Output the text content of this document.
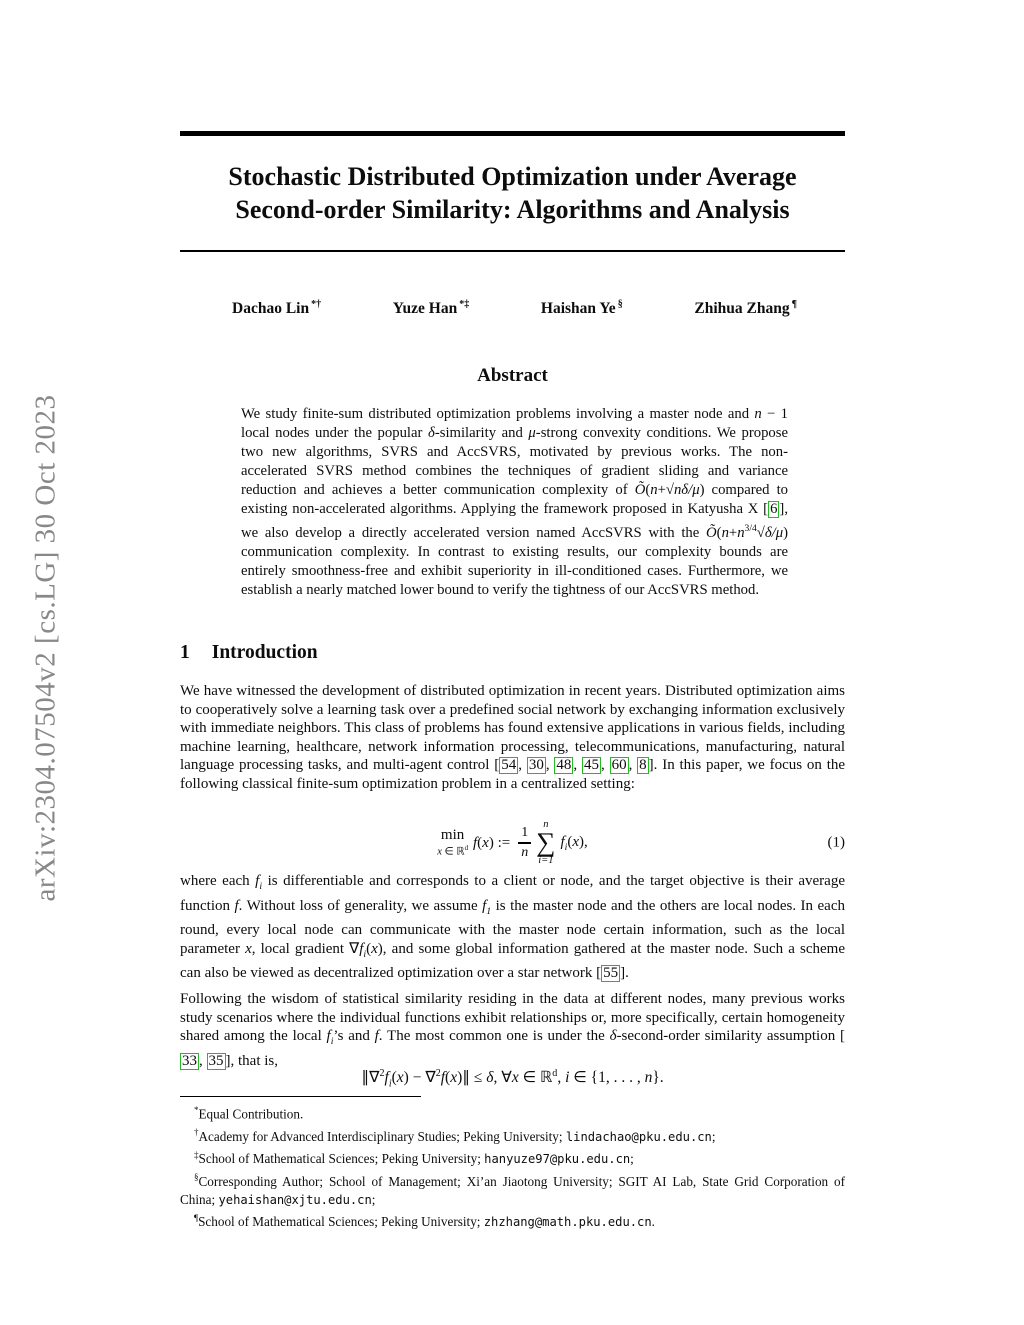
arXiv:2304.07504v2 [cs.LG] 30 Oct 2023
Stochastic Distributed Optimization under Average
Second-order Similarity: Algorithms and Analysis
Dachao Lin *†	Yuze Han *‡	Haishan Ye §	Zhihua Zhang ¶
Abstract
We study finite-sum distributed optimization problems involving a master node and n − 1 local nodes under the popular δ-similarity and μ-strong convexity conditions. We propose two new algorithms, SVRS and AccSVRS, motivated by previous works. The non-accelerated SVRS method combines the techniques of gradient sliding and variance reduction and achieves a better communication complexity of Õ(n+√nδ/μ) compared to existing non-accelerated algorithms. Applying the framework proposed in Katyusha X [ 6 ], we also develop a directly accelerated version named AccSVRS with the $Õ(n+n^{3/4}√\delta/\mu)$ communication complexity. In contrast to existing results, our complexity bounds are entirely smoothness-free and exhibit superiority in ill-conditioned cases. Furthermore, we establish a nearly matched lower bound to verify the tightness of our AccSVRS method.
1 Introduction
We have witnessed the development of distributed optimization in recent years. Distributed optimization aims to cooperatively solve a learning task over a predefined social network by exchanging information exclusively with immediate neighbors. This class of problems has found extensive applications in various fields, including machine learning, healthcare, network information processing, telecommunications, manufacturing, natural language processing tasks, and multi-agent control [ 54 , 30 , 48 , 45 , 60 , 8 ]. In this paper, we focus on the following classical finite-sum optimization problem in a centralized setting:
min
x ∈ ℝ$^d$ f(x) := $\frac{1}{n}$
n
∑
i=1
$f_i(x)$,	(1)
where each $f_i$ is differentiable and corresponds to a client or node, and the target objective is their average function f. Without loss of generality, we assume $f_1$ is the master node and the others are local nodes. In each round, every local node can communicate with the master node certain information, such as the local parameter x, local gradient $\nabla f_i(x)$, and some global information gathered at the master node. Such a scheme can also be viewed as decentralized optimization over a star network [ 55 ].
Following the wisdom of statistical similarity residing in the data at different nodes, many previous works study scenarios where the individual functions exhibit relationships or, more specifically, certain homogeneity shared among the local $f_i’s$ and f. The most common one is under the δ-second-order similarity assumption [33 , 35 ], that is,
$\parallel\nabla^2f_i(x)$ − ∇$^2$f(x)∥ ≤ δ, ∀x ∈ ℝ$^d$, i ∈ {1, . . . , n}.
*Equal Contribution.
†Academy for Advanced Interdisciplinary Studies; Peking University; lindachao@pku.edu.cn;
‡School of Mathematical Sciences; Peking University; hanyuze97@pku.edu.cn;
§Corresponding Author; School of Management; Xi’an Jiaotong University; SGIT AI Lab, State Grid Corporation of China; yehaishan@xjtu.edu.cn;
¶School of Mathematical Sciences; Peking University; zhzhang@math.pku.edu.cn.
